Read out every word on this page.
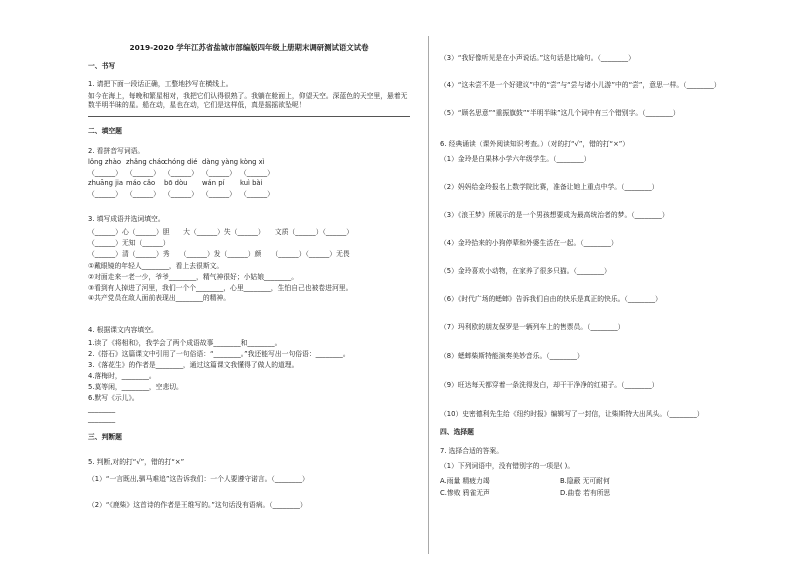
2019-2020 学年江苏省盐城市部编版四年级上册期末调研测试语文试卷
一、书写
1. 请把下面一段话正确，工整地抄写在横线上。
如今在海上，每晚和繁星相对，我把它们认得很熟了。我躺在舱面上，仰望天空。深蓝色的天空里，悬着无
数半明半昧的星。船在动，星也在动，它们是这样低，真是摇摇欲坠呢！
二、填空题
2. 看拼音写词语。
lǒng zhào zhǎng cháochóng dié dàng yàng kòng xì
（______） （______） （______） （______） （______）
zhuāng jia máo cǎo bō dòu wán pí kuì bài
（______） （______） （______） （______） （______）
3. 填写成语并选词填空。
（______）心（______）胆　　大（______）失（______）　　文质（______）（______）
（______）无知（______）
（______）清（______）秀　　（______）发（______）颜　　（______）（______）无畏
①戴眼镜的年轻人________，看上去很斯文。
②对面走来一老一少，爷爷________，精气神很好；小姑娘________。
③看到有人掉进了河里，我们一个个________，心里________，生怕自己也被卷进河里。
④共产党员在敌人面前表现出________的精神。
4. 根据课文内容填空。
1.读了《将相和》，我学会了两个成语故事________和________。
2.《搭石》这篇课文中引用了一句俗语：“________。”我还能写出一句俗语：________。
3.《落花生》的作者是________，通过这篇课文我懂得了做人的道理。
4.落梅时，________。
5.莫等闲，________，空悲切。
6.默写《示儿》。
________
________
三、判断题
5. 判断,对的打“√”，错的打“×”
（1）“一言既出,驷马难追”这告诉我们：一个人要遵守诺言。（________）
（2）“《鹿柴》这首诗的作者是王维写的。”这句话没有语病。（________）
（3）“我好像听见是在小声说话。”这句话是比喻句。（________）
（4）“这未尝不是一个好建议”中的“尝”与“尝与诸小儿游”中的“尝”，意思一样。（________）
（5）“顾名思意”“重振旗鼓”“半明半昧”这几个词中有三个错别字。（________）
6. 经典诵读（课外阅读知识考查。）（对的打“√”，错的打“×”）
（1）金玲是白果林小学六年级学生。（________）
（2）妈妈给金玲报名上数学院比赛，准备让她上重点中学。（________）
（3）《浪王梦》所展示的是一个男孩想要成为最高统治者的梦。（________）
（4）金玲拾来的小狗停辈和外婆生活在一起。（________）
（5）金玲喜欢小动物，在家养了很多只猫。（________）
（6）《时代广场的蟋蟀》告诉我们自由的快乐是真正的快乐。（________）
（7）玛利欧的朋友保罗是一辆列车上的售票员。（________）
（8）蟋蟀柴斯特能演奏美妙音乐。（________）
（9）旺达每天都穿着一条洗得发白，却干干净净的红裙子。（________）
（10）史密德利先生给《纽约时报》编辑写了一封信，让柴斯特大出风头。（________）
四、选择题
7. 选择合适的答案。
（1）下列词语中，没有错别字的一项是( )。
A.雨量 精疲力竭	B.隐蔽 无可耐何
C.惨败 鸦雀无声	D.曲卷 若有所思
